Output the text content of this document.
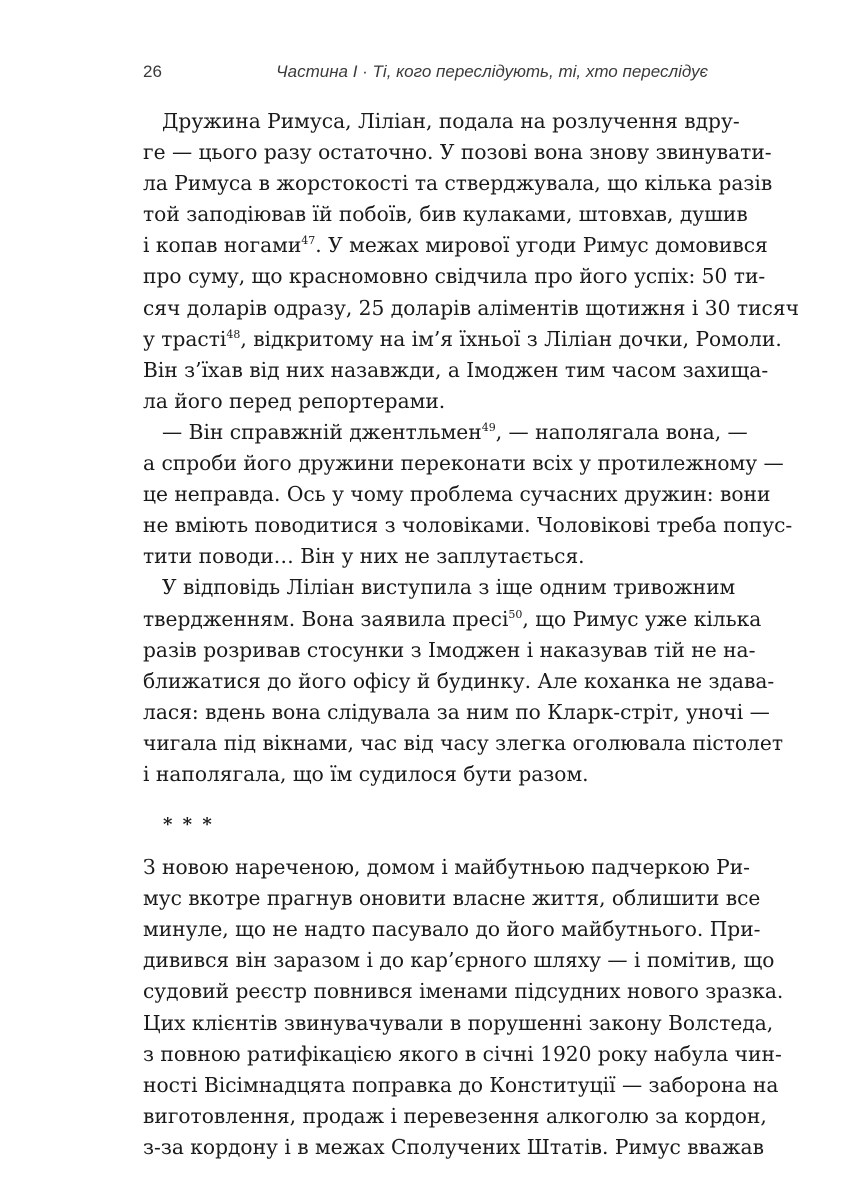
26	Частина І · Ті, кого переслідують, ті, хто переслідує
Дружина Римуса, Ліліан, подала на розлучення вдру-
ге — цього разу остаточно. У позові вона знову звинувати-
ла Римуса в жорстокості та стверджувала, що кілька разів
той заподіював їй побоїв, бив кулаками, штовхав, душив
і копав ногами$^{47}$. У межах мирової угоди Римус домовився
про суму, що красномовно свідчила про його успіх: 50 ти-
сяч доларів одразу, 25 доларів аліментів щотижня і 30 тисяч
у трасті$^{48}$, відкритому на ім’я їхньої з Ліліан дочки, Ромоли.
Він з’їхав від них назавжди, а Імоджен тим часом захища-
ла його перед репортерами.
— Він справжній джентльмен$^{49}$, — наполягала вона, —
а спроби його дружини переконати всіх у протилежному —
це неправда. Ось у чому проблема сучасних дружин: вони
не вміють поводитися з чоловіками. Чоловікові треба попус-
тити поводи… Він у них не заплутається.
У відповідь Ліліан виступила з іще одним тривожним
твердженням. Вона заявила пресі$^{50}$, що Римус уже кілька
разів розривав стосунки з Імоджен і наказував тій не на-
ближатися до його офісу й будинку. Але коханка не здава-
лася: вдень вона слідувала за ним по Кларк-стріт, уночі —
чигала під вікнами, час від часу злегка оголювала пістолет
і наполягала, що їм судилося бути разом.
* * *
З новою нареченою, домом і майбутньою падчеркою Ри-
мус вкотре прагнув оновити власне життя, облишити все
минуле, що не надто пасувало до його майбутнього. При-
дивився він заразом і до кар’єрного шляху — і помітив, що
судовий реєстр повнився іменами підсудних нового зразка.
Цих клієнтів звинувачували в порушенні закону Волстеда,
з повною ратифікацією якого в січні 1920 року набула чин-
ності Вісімнадцята поправка до Конституції — заборона на
виготовлення, продаж і перевезення алкоголю за кордон,
з-за кордону і в межах Сполучених Штатів. Римус вважав
